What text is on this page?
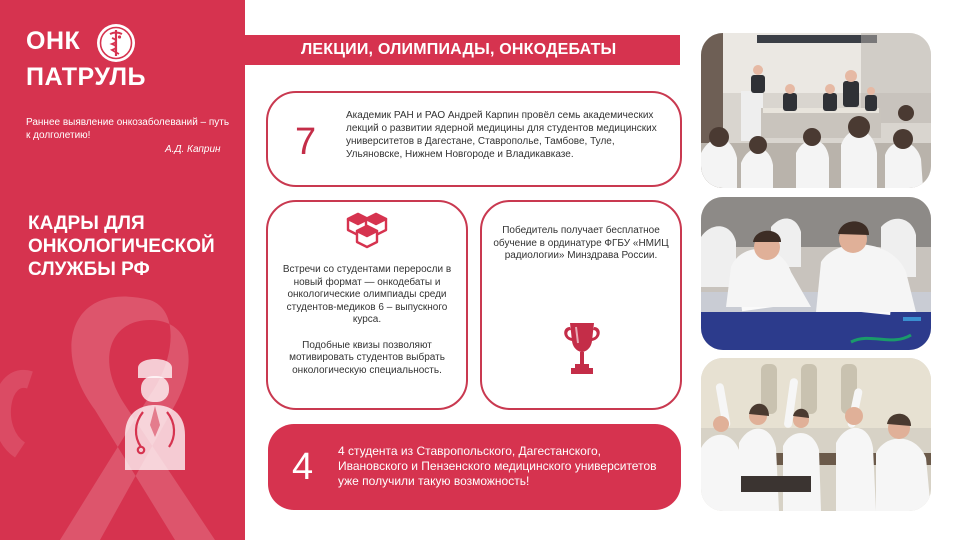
ОНК
ПАТРУЛЬ
Раннее выявление онкозаболеваний – путь к долголетию!
А.Д. Каприн
КАДРЫ ДЛЯ ОНКОЛОГИЧЕСКОЙ СЛУЖБЫ РФ
ЛЕКЦИИ, ОЛИМПИАДЫ, ОНКОДЕБАТЫ
7
Академик РАН и РАО Андрей Карпин провёл семь академических лекций о развитии ядерной медицины для студентов медицинских университетов в Дагестане, Ставрополье, Тамбове, Туле, Ульяновске, Нижнем Новгороде и Владикавказе.

Встречи со студентами переросли в новый формат — онкодебаты и онкологические олимпиады среди студентов-медиков 6 – выпускного курса.

Подобные квизы позволяют мотивировать студентов выбрать онкологическую специальность.

Победитель получает бесплатное обучение в ординатуре ФГБУ «НМИЦ радиологии» Минздрава России.
4 4 студента из Ставропольского, Дагестанского, Ивановского и Пензенского медицинского университетов уже получили такую возможность!
